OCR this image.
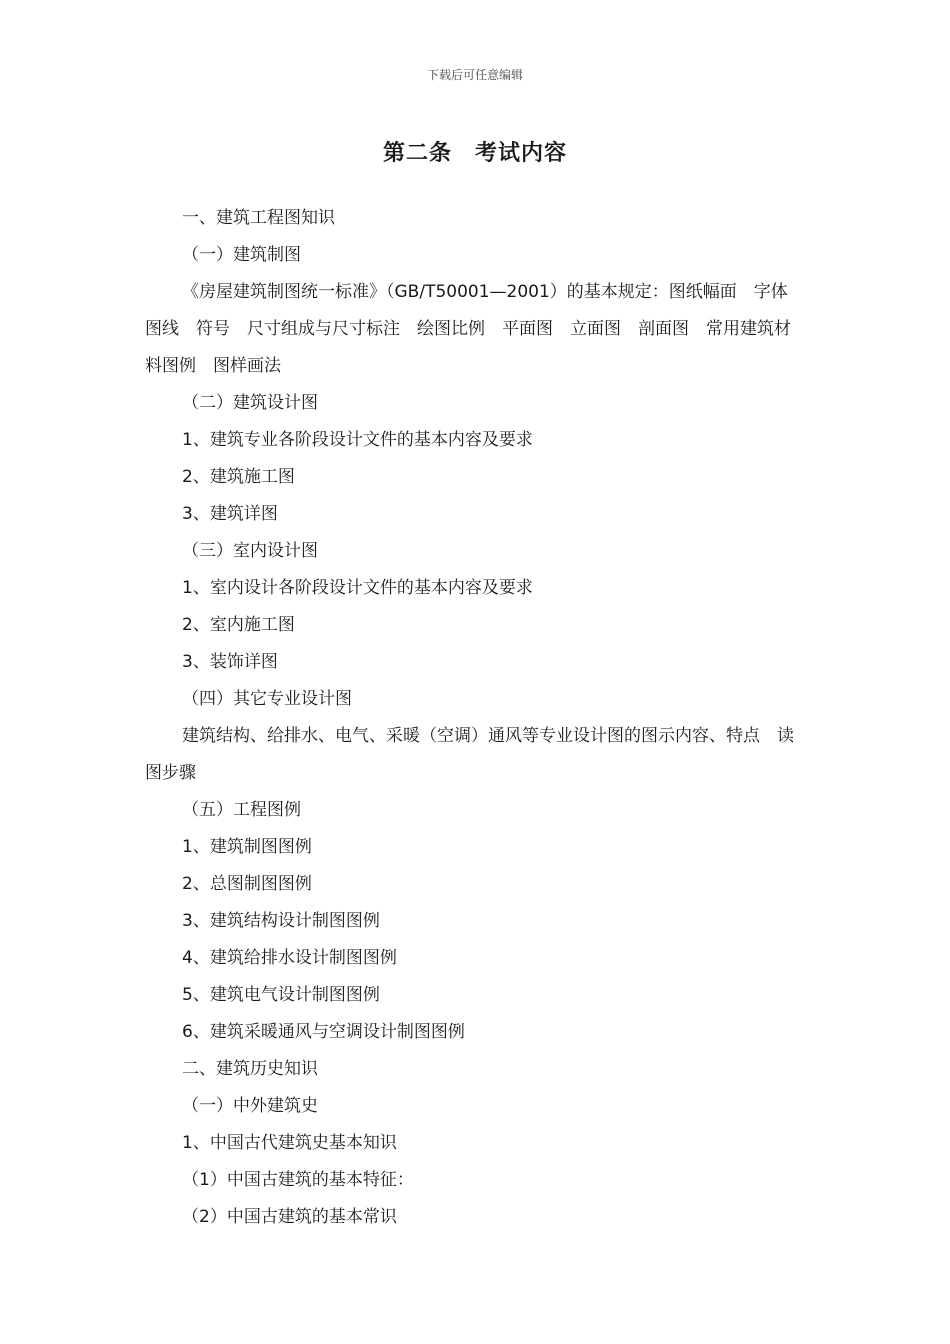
下载后可任意编辑
第二条　考试内容
一、建筑工程图知识
（一）建筑制图
《房屋建筑制图统一标准》（GB/T50001—2001）的基本规定：图纸幅面　字体　　图线　符号　尺寸组成与尺寸标注　绘图比例　平面图　立面图　剖面图　常用建筑材料图例　图样画法
（二）建筑设计图
1、建筑专业各阶段设计文件的基本内容及要求
2、建筑施工图
3、建筑详图
（三）室内设计图
1、室内设计各阶段设计文件的基本内容及要求
2、室内施工图
3、装饰详图
（四）其它专业设计图
建筑结构、给排水、电气、采暖（空调）通风等专业设计图的图示内容、特点　读图步骤
（五）工程图例
1、建筑制图图例
2、总图制图图例
3、建筑结构设计制图图例
4、建筑给排水设计制图图例
5、建筑电气设计制图图例
6、建筑采暖通风与空调设计制图图例
二、建筑历史知识
（一）中外建筑史
1、中国古代建筑史基本知识
（1）中国古建筑的基本特征：
（2）中国古建筑的基本常识
